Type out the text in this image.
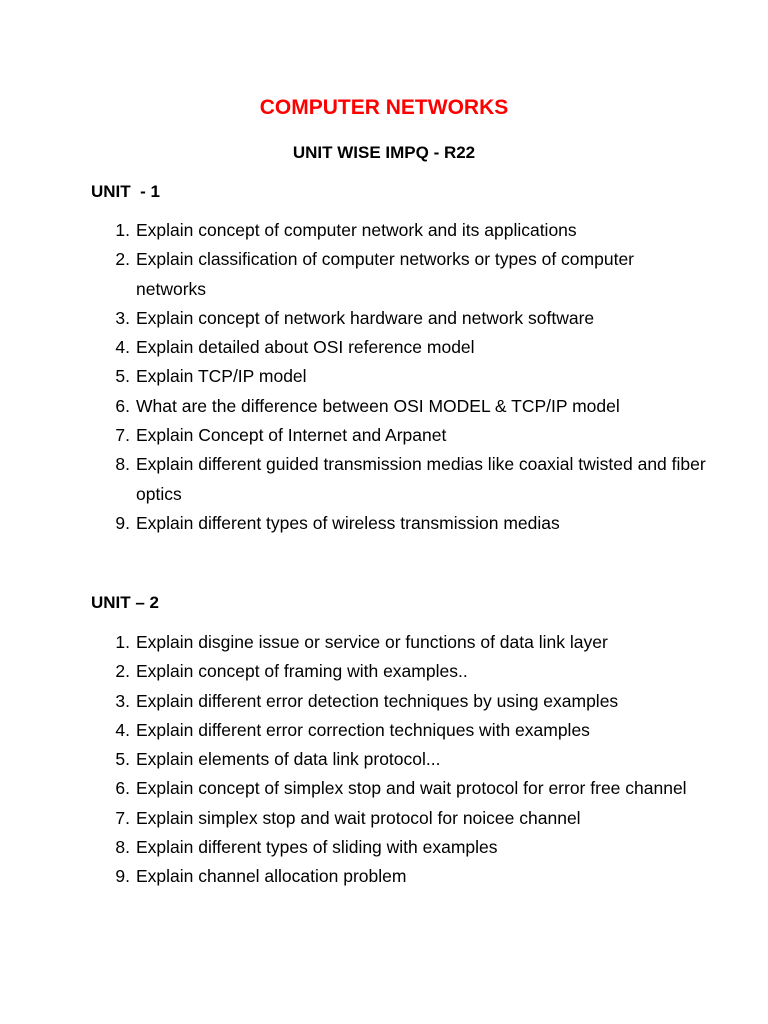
COMPUTER NETWORKS
UNIT WISE IMPQ - R22
UNIT  - 1
1. Explain concept of computer network and its applications
2. Explain classification of computer networks or types of computer networks
3. Explain concept of network hardware and network software
4. Explain detailed about OSI reference model
5. Explain TCP/IP model
6. What are the difference between OSI MODEL & TCP/IP model
7. Explain Concept of Internet and Arpanet
8. Explain different guided transmission medias like coaxial twisted and fiber optics
9. Explain different types of wireless transmission medias
UNIT – 2
1. Explain disgine issue or service or functions of data link layer
2. Explain concept of framing with examples..
3. Explain different error detection techniques by using examples
4. Explain different error correction techniques with examples
5. Explain elements of data link protocol...
6. Explain concept of simplex stop and wait protocol for error free channel
7. Explain simplex stop and wait protocol for noicee channel
8. Explain different types of sliding with examples
9. Explain channel allocation problem
